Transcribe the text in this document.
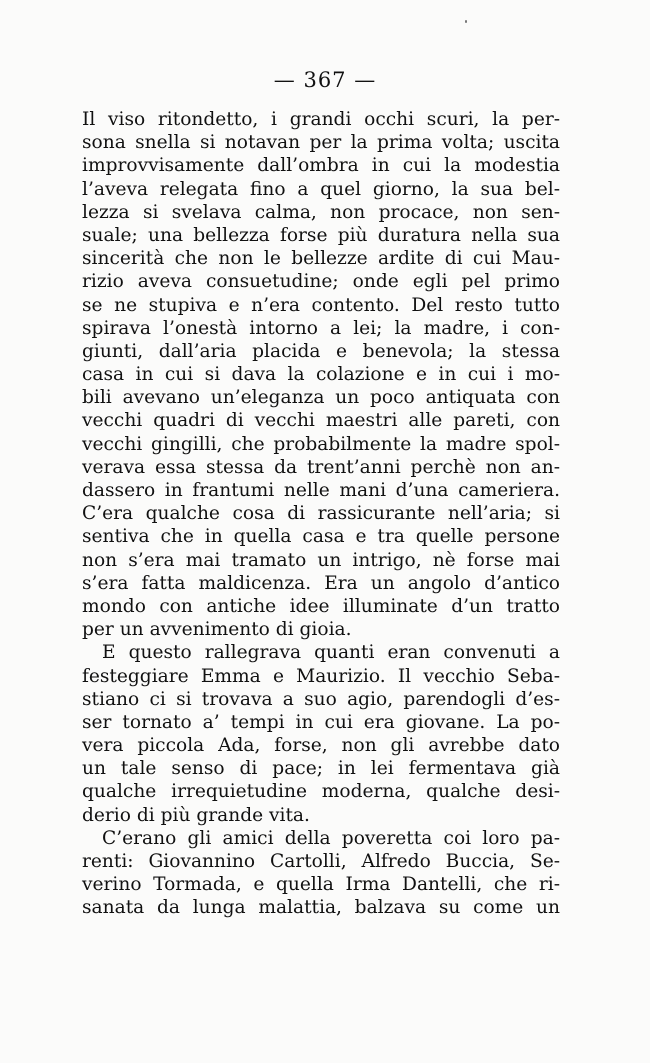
— 367 —
Il viso ritondetto, i grandi occhi scuri, la per-
sona snella si notavan per la prima volta; uscita
improvvisamente dall’ombra in cui la modestia
l’aveva relegata fino a quel giorno, la sua bel-
lezza si svelava calma, non procace, non sen-
suale; una bellezza forse più duratura nella sua
sincerità che non le bellezze ardite di cui Mau-
rizio aveva consuetudine; onde egli pel primo
se ne stupiva e n’era contento. Del resto tutto
spirava l’onestà intorno a lei; la madre, i con-
giunti, dall’aria placida e benevola; la stessa
casa in cui si dava la colazione e in cui i mo-
bili avevano un’eleganza un poco antiquata con
vecchi quadri di vecchi maestri alle pareti, con
vecchi gingilli, che probabilmente la madre spol-
verava essa stessa da trent’anni perchè non an-
dassero in frantumi nelle mani d’una cameriera.
C’era qualche cosa di rassicurante nell’aria; si
sentiva che in quella casa e tra quelle persone
non s’era mai tramato un intrigo, nè forse mai
s’era fatta maldicenza. Era un angolo d’antico
mondo con antiche idee illuminate d’un tratto
per un avvenimento di gioia.
E questo rallegrava quanti eran convenuti a
festeggiare Emma e Maurizio. Il vecchio Seba-
stiano ci si trovava a suo agio, parendogli d’es-
ser tornato a’ tempi in cui era giovane. La po-
vera piccola Ada, forse, non gli avrebbe dato
un tale senso di pace; in lei fermentava già
qualche irrequietudine moderna, qualche desi-
derio di più grande vita.
C’erano gli amici della poveretta coi loro pa-
renti: Giovannino Cartolli, Alfredo Buccia, Se-
verino Tormada, e quella Irma Dantelli, che ri-
sanata da lunga malattia, balzava su come un
